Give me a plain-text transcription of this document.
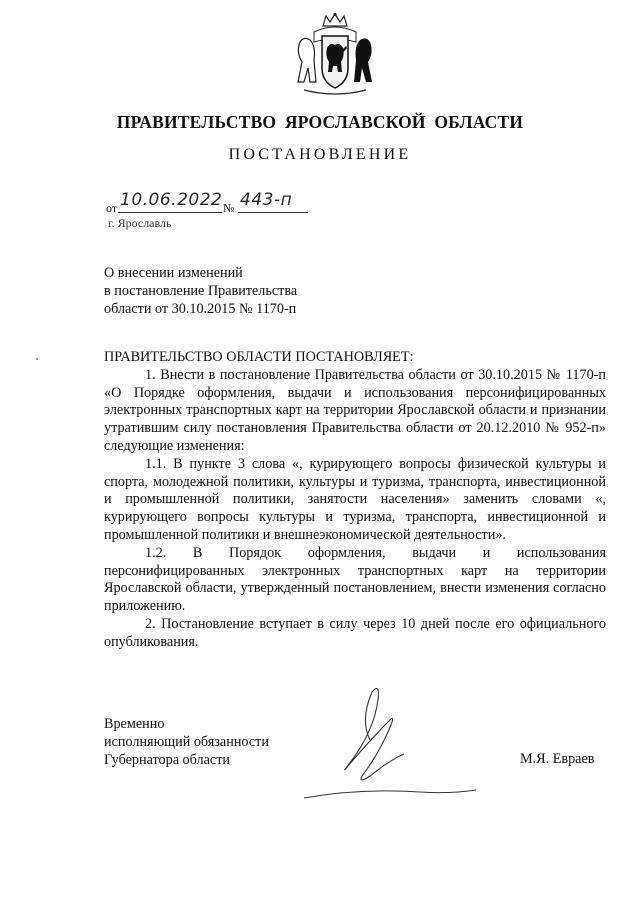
ПРАВИТЕЛЬСТВО ЯРОСЛАВСКОЙ ОБЛАСТИ
ПОСТАНОВЛЕНИЕ
от 10.06.2022 № 443-п
г. Ярославль
О внесении изменений
в постановление Правительства
области от 30.10.2015 № 1170-п

ПРАВИТЕЛЬСТВО ОБЛАСТИ ПОСТАНОВЛЯЕТ:

1. Внести в постановление Правительства области от 30.10.2015 № 1170-п «О Порядке оформления, выдачи и использования персонифицированных электронных транспортных карт на территории Ярославской области и признании утратившим силу постановления Правительства области от 20.12.2010 № 952-п» следующие изменения:

1.1. В пункте 3 слова «, курирующего вопросы физической культуры и спорта, молодежной политики, культуры и туризма, транспорта, инвестиционной и промышленной политики, занятости населения» заменить словами «, курирующего вопросы культуры и туризма, транспорта, инвестиционной и промышленной политики и внешнеэкономической деятельности».

1.2. В Порядок оформления, выдачи и использования персонифицированных электронных транспортных карт на территории Ярославской области, утвержденный постановлением, внести изменения согласно приложению.

2. Постановление вступает в силу через 10 дней после его официального опубликования.

Временно
исполняющий обязанности
Губернатора области	М.Я. Евраев
